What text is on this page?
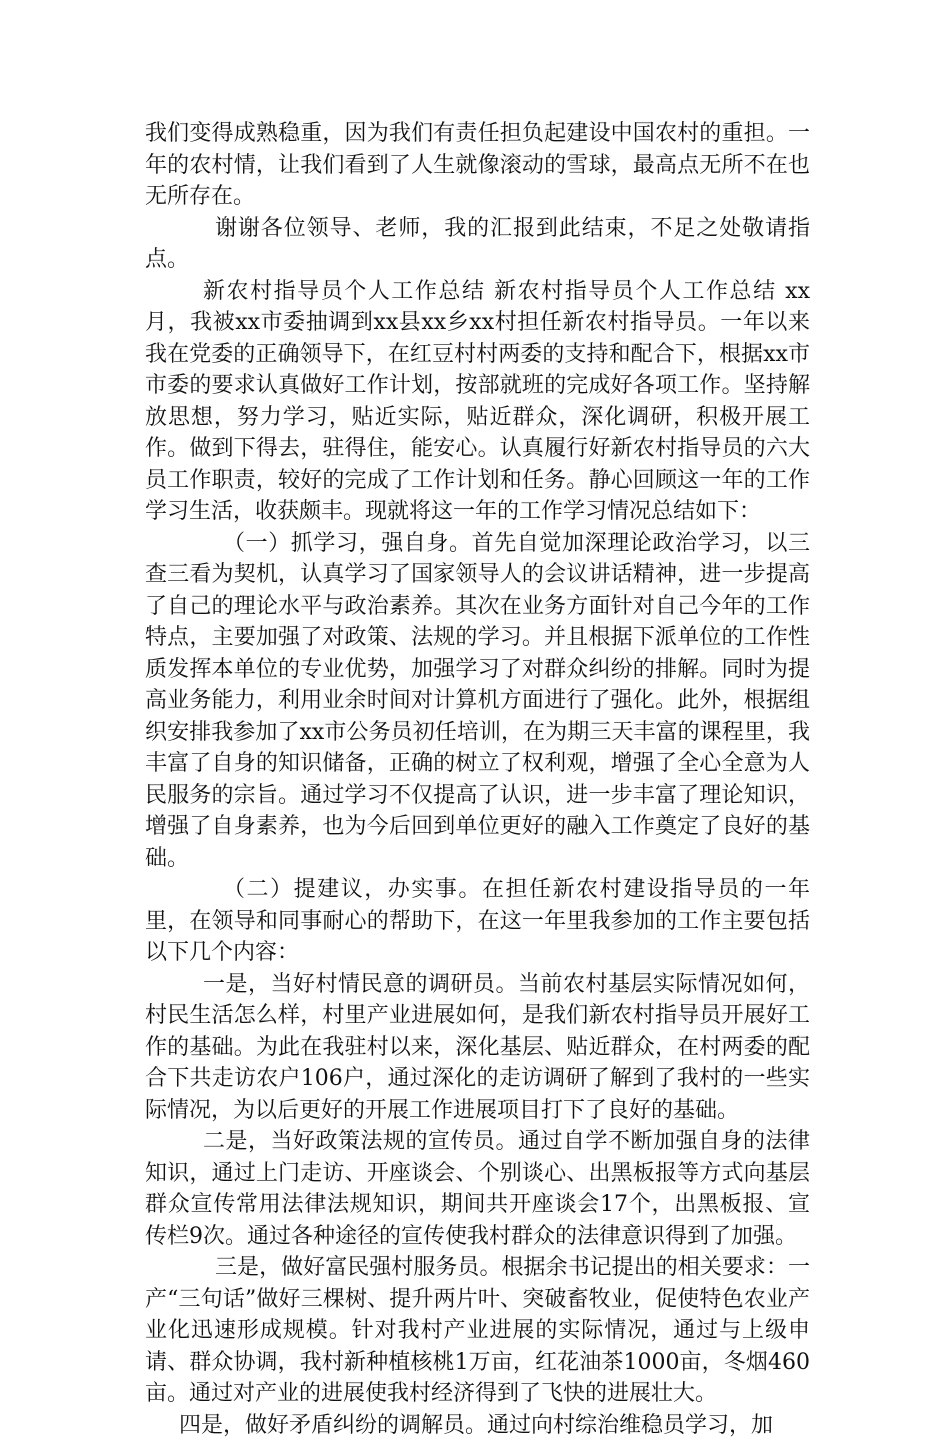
我们变得成熟稳重，因为我们有责任担负起建设中国农村的重担。一年的农村情，让我们看到了人生就像滚动的雪球，最高点无所不在也无所存在。

谢谢各位领导、老师，我的汇报到此结束，不足之处敬请指点。

新农村指导员个人工作总结 新农村指导员个人工作总结 xx月，我被xx市委抽调到xx县xx乡xx村担任新农村指导员。一年以来我在党委的正确领导下，在红豆村村两委的支持和配合下，根据xx市市委的要求认真做好工作计划，按部就班的完成好各项工作。坚持解放思想，努力学习，贴近实际，贴近群众，深化调研，积极开展工作。做到下得去，驻得住，能安心。认真履行好新农村指导员的六大员工作职责，较好的完成了工作计划和任务。静心回顾这一年的工作学习生活，收获颇丰。现就将这一年的工作学习情况总结如下：

（一）抓学习，强自身。首先自觉加深理论政治学习，以三查三看为契机，认真学习了国家领导人的会议讲话精神，进一步提高了自己的理论水平与政治素养。其次在业务方面针对自己今年的工作特点，主要加强了对政策、法规的学习。并且根据下派单位的工作性质发挥本单位的专业优势，加强学习了对群众纠纷的排解。同时为提高业务能力，利用业余时间对计算机方面进行了强化。此外，根据组织安排我参加了xx市公务员初任培训，在为期三天丰富的课程里，我丰富了自身的知识储备，正确的树立了权利观，增强了全心全意为人民服务的宗旨。通过学习不仅提高了认识，进一步丰富了理论知识，增强了自身素养，也为今后回到单位更好的融入工作奠定了良好的基础。

（二）提建议，办实事。在担任新农村建设指导员的一年里，在领导和同事耐心的帮助下，在这一年里我参加的工作主要包括以下几个内容：

一是，当好村情民意的调研员。当前农村基层实际情况如何，村民生活怎么样，村里产业进展如何，是我们新农村指导员开展好工作的基础。为此在我驻村以来，深化基层、贴近群众，在村两委的配合下共走访农户106户，通过深化的走访调研了解到了我村的一些实际情况，为以后更好的开展工作进展项目打下了良好的基础。

二是，当好政策法规的宣传员。通过自学不断加强自身的法律知识，通过上门走访、开座谈会、个别谈心、出黑板报等方式向基层群众宣传常用法律法规知识，期间共开座谈会17个，出黑板报、宣传栏9次。通过各种途径的宣传使我村群众的法律意识得到了加强。

三是，做好富民强村服务员。根据余书记提出的相关要求：一产“三句话”做好三棵树、提升两片叶、突破畜牧业，促使特色农业产业化迅速形成规模。针对我村产业进展的实际情况，通过与上级申请、群众协调，我村新种植核桃1万亩，红花油茶1000亩，冬烟460亩。通过对产业的进展使我村经济得到了飞快的进展壮大。

四是，做好矛盾纠纷的调解员。通过向村综治维稳员学习，加
